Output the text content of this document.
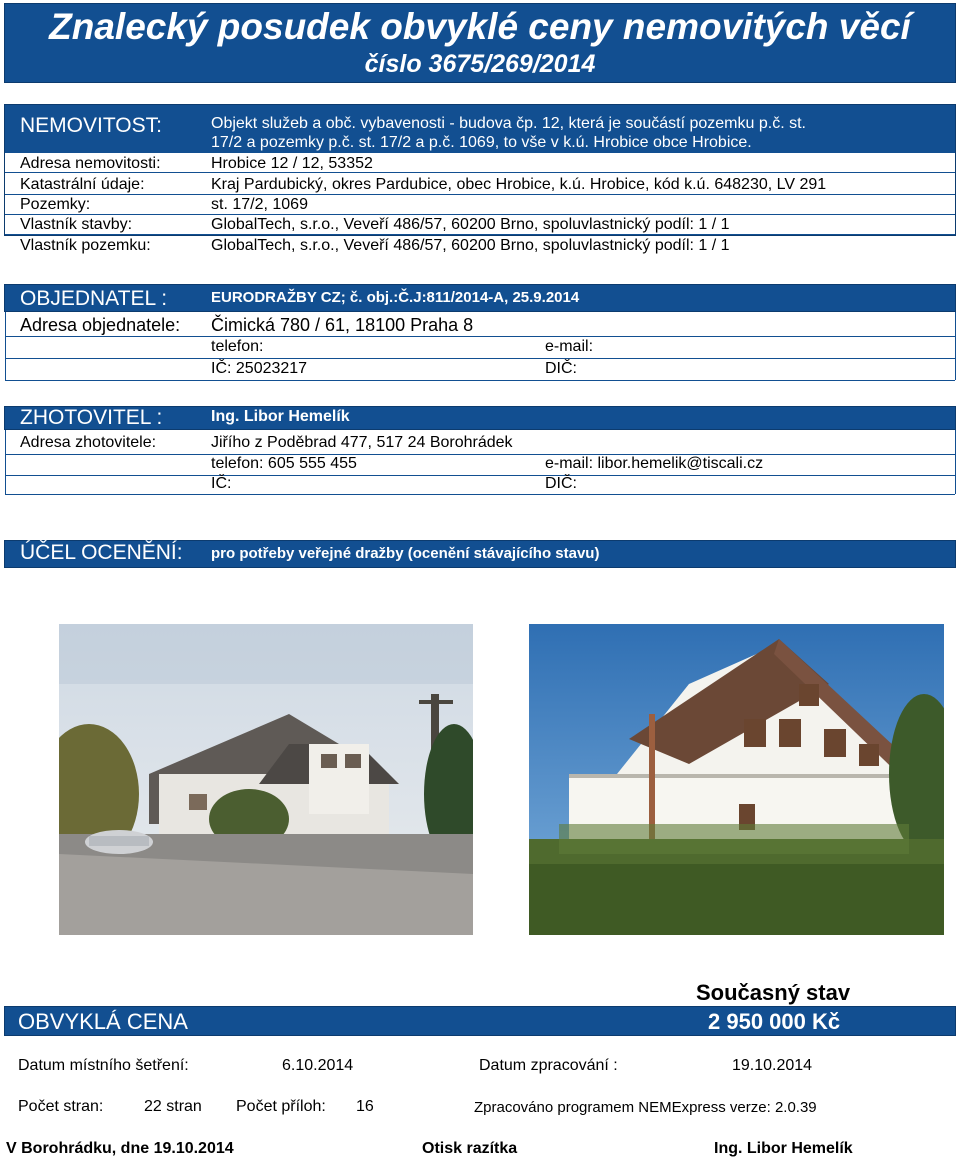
Znalecký posudek obvyklé ceny nemovitých věcí
číslo 3675/269/2014
NEMOVITOST:	Objekt služeb a obč. vybavenosti - budova čp. 12, která je součástí pozemku p.č. st.
17/2 a pozemky p.č. st. 17/2 a p.č. 1069, to vše v k.ú. Hrobice obce Hrobice.
Adresa nemovitosti:	Hrobice 12 / 12, 53352
Katastrální údaje:	Kraj Pardubický, okres Pardubice, obec Hrobice, k.ú. Hrobice, kód k.ú. 648230, LV 291
Pozemky:	st. 17/2, 1069
Vlastník stavby:	GlobalTech, s.r.o., Veveří 486/57, 60200 Brno, spoluvlastnický podíl: 1 / 1
Vlastník pozemku:	GlobalTech, s.r.o., Veveří 486/57, 60200 Brno, spoluvlastnický podíl: 1 / 1
OBJEDNATEL :	EURODRAŽBY CZ; č. obj.:Č.J:811/2014-A, 25.9.2014
Adresa objednatele: Čimická 780 / 61, 18100 Praha 8
telefon:	e-mail:
IČ: 25023217	DIČ:
ZHOTOVITEL :	Ing. Libor Hemelík
Adresa zhotovitele:	Jiřího z Poděbrad 477, 517 24 Borohrádek
telefon: 605 555 455	e-mail: libor.hemelik@tiscali.cz
IČ:	DIČ:
ÚČEL OCENĚNÍ: pro potřeby veřejné dražby (ocenění stávajícího stavu)
Současný stav
OBVYKLÁ CENA	2 950 000 Kč
Datum místního šetření:	6.10.2014	Datum zpracování :	19.10.2014
Počet stran:	22 stran Počet příloh: 16	Zpracováno programem NEMExpress verze: 2.0.39
V Borohrádku, dne 19.10.2014	Otisk razítka	Ing. Libor Hemelík
